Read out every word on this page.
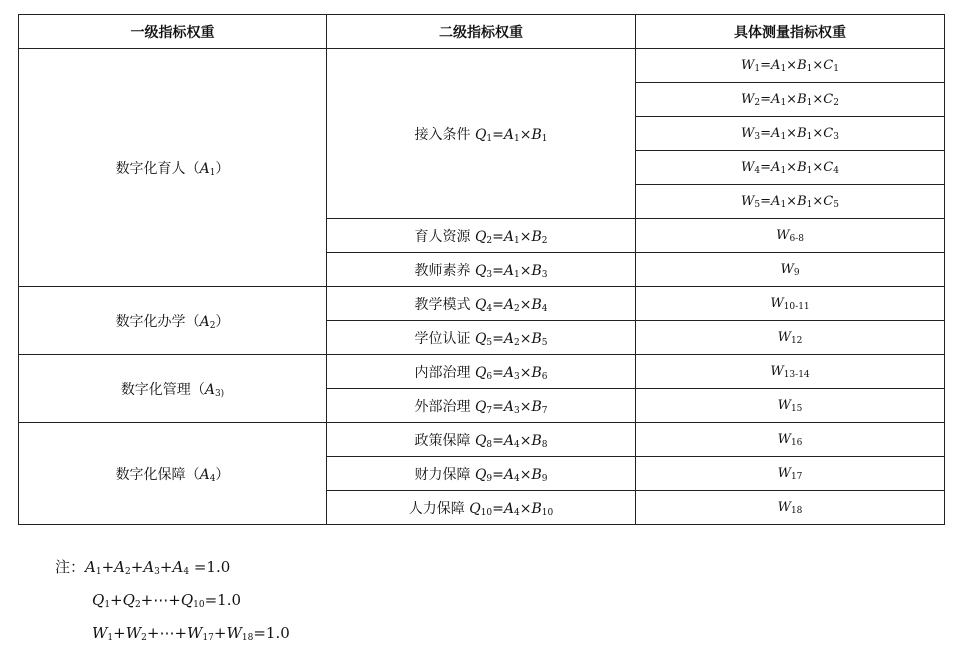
一级指标权重	二级指标权重	具体测量指标权重
数字化育人$(A_1)$	接入条件 $Q_1=A_1\times B_1$	$W_1=A_1\times B_1\times C_1$
		$W_2=A_1\times B_1\times C_2$
		$W_3=A_1\times B_1\times C_3$
		$W_4=A_1\times B_1\times C_4$
		$W_5=A_1\times B_1\times C_5$
	育人资源 $Q_2=A_1\times B_2$	$W_{6-8}$
	教师素养 $Q_3=A_1\times B_3$	$W_9$
数字化办学$(A_2)$	教学模式 $Q_4=A_2\times B_4$	$W_{10-11}$
	学位认证 $Q_5=A_2\times B_5$	$W_{12}$
数字化管理（$A_{3)}$	内部治理 $Q_6=A_3\times B_6$	$W_{13-14}$
	外部治理 $Q_7=A_3\times B_7$	$W_{15}$
数字化保障$(A_4)$	政策保障 $Q_8=A_4\times B_8$	$W_{16}$
	财力保障 $Q_9=A_4\times B_9$	$W_{17}$
	人力保障 $Q_{10}=A_4\times B_{10}$	$W_{18}$
注：$A_1+A_2+A_3+A_4 =1.0$
$Q_1+Q_2+\cdots+Q_{10}=1.0$
$W_1+W_2+\cdots+W_{17}+W_{18}=1.0$
